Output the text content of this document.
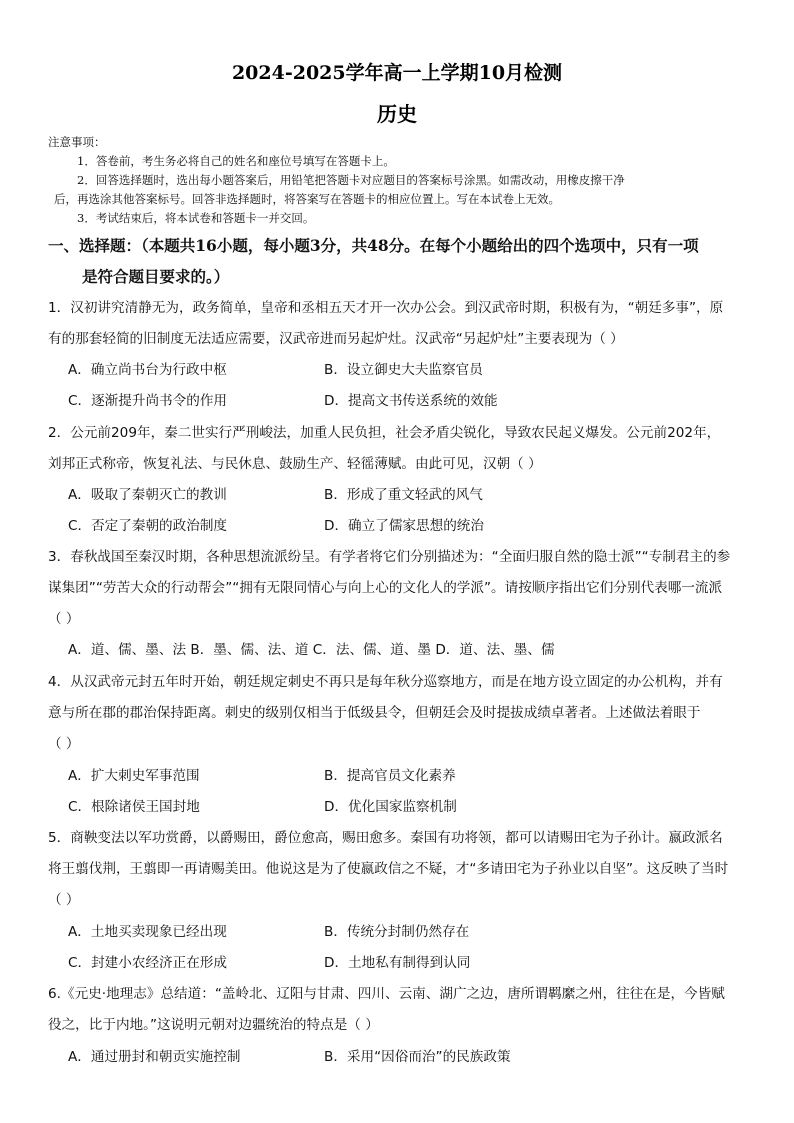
2024-2025学年高一上学期10月检测
历史
注意事项：
1．答卷前，考生务必将自己的姓名和座位号填写在答题卡上。
2．回答选择题时，选出每小题答案后，用铅笔把答题卡对应题目的答案标号涂黑。如需改动，用橡皮擦干净
后，再选涂其他答案标号。回答非选择题时，将答案写在答题卡的相应位置上。写在本试卷上无效。
3．考试结束后，将本试卷和答题卡一并交回。
一、选择题：（本题共16小题，每小题3分，共48分。在每个小题给出的四个选项中，只有一项
是符合题目要求的。）
1．汉初讲究清静无为，政务简单，皇帝和丞相五天才开一次办公会。到汉武帝时期，积极有为，“朝廷多事”，原
有的那套轻简的旧制度无法适应需要，汉武帝进而另起炉灶。汉武帝“另起炉灶”主要表现为（ ）
A．确立尚书台为行政中枢	B．设立御史大夫监察官员
C．逐渐提升尚书令的作用	D．提高文书传送系统的效能
2．公元前209年，秦二世实行严刑峻法，加重人民负担，社会矛盾尖锐化，导致农民起义爆发。公元前202年，
刘邦正式称帝，恢复礼法、与民休息、鼓励生产、轻徭薄赋。由此可见，汉朝（ ）
A．吸取了秦朝灭亡的教训	B．形成了重文轻武的风气
C．否定了秦朝的政治制度	D．确立了儒家思想的统治
3．春秋战国至秦汉时期，各种思想流派纷呈。有学者将它们分别描述为：“全面归服自然的隐士派”“专制君主的参
谋集团”“劳苦大众的行动帮会”“拥有无限同情心与向上心的文化人的学派”。请按顺序指出它们分别代表哪一流派
（ ）
A．道、儒、墨、法 B．墨、儒、法、道 C．法、儒、道、墨 D．道、法、墨、儒
4．从汉武帝元封五年时开始，朝廷规定刺史不再只是每年秋分巡察地方，而是在地方设立固定的办公机构，并有
意与所在郡的郡治保持距离。刺史的级别仅相当于低级县令，但朝廷会及时提拔成绩卓著者。上述做法着眼于
（ ）
A．扩大刺史军事范围	B．提高官员文化素养
C．根除诸侯王国封地	D．优化国家监察机制
5．商鞅变法以军功赏爵，以爵赐田，爵位愈高，赐田愈多。秦国有功将领，都可以请赐田宅为子孙计。嬴政派名
将王翦伐荆，王翦即一再请赐美田。他说这是为了使嬴政信之不疑，才“多请田宅为子孙业以自坚”。这反映了当时
（ ）
A．土地买卖现象已经出现	B．传统分封制仍然存在
C．封建小农经济正在形成	D．土地私有制得到认同
6.《元史·地理志》总结道：“盖岭北、辽阳与甘肃、四川、云南、湖广之边，唐所谓羁縻之州，往往在是，今皆赋
役之，比于内地。”这说明元朝对边疆统治的特点是（ ）
A．通过册封和朝贡实施控制	B．采用“因俗而治”的民族政策
